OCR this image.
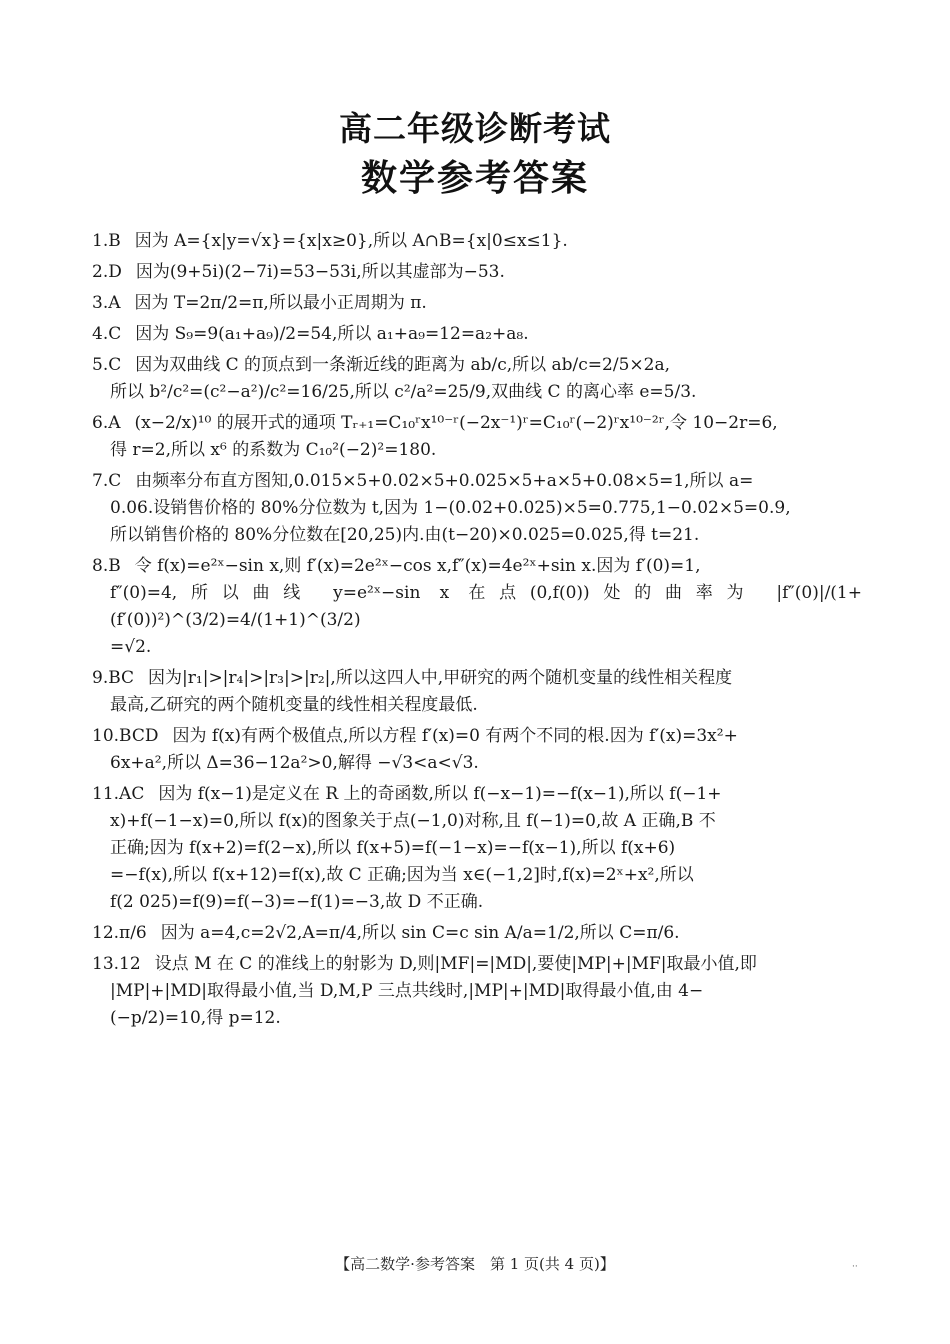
高二年级诊断考试
数学参考答案
1.B 因为 A={x|y=√x}={x|x≥0},所以 A∩B={x|0≤x≤1}.
2.D 因为(9+5i)(2−7i)=53−53i,所以其虚部为−53.
3.A 因为 T=2π/2=π,所以最小正周期为 π.
4.C 因为 S₉=9(a₁+a₉)/2=54,所以 a₁+a₉=12=a₂+a₈.
5.C 因为双曲线 C 的顶点到一条渐近线的距离为 ab/c,所以 ab/c=2/5×2a,
所以 b²/c²=(c²−a²)/c²=16/25,所以 c²/a²=25/9,双曲线 C 的离心率 e=5/3.
6.A (x−2/x)¹⁰ 的展开式的通项 Tᵣ₊₁=C₁₀ʳx¹⁰⁻ʳ(−2x⁻¹)ʳ=C₁₀ʳ(−2)ʳx¹⁰⁻²ʳ,令 10−2r=6,
得 r=2,所以 x⁶ 的系数为 C₁₀²(−2)²=180.
7.C 由频率分布直方图知,0.015×5+0.02×5+0.025×5+a×5+0.08×5=1,所以 a=
0.06.设销售价格的 80%分位数为 t,因为 1−(0.02+0.025)×5=0.775,1−0.02×5=0.9,
所以销售价格的 80%分位数在[20,25)内.由(t−20)×0.025=0.025,得 t=21.
8.B 令 f(x)=e²ˣ−sin x,则 f′(x)=2e²ˣ−cos x,f″(x)=4e²ˣ+sin x.因为 f′(0)=1,
f″(0)=4,所以曲线 y=e²ˣ−sin x 在点(0,f(0))处的曲率为 |f″(0)|/(1+(f′(0))²)^(3/2)=4/(1+1)^(3/2)
=√2.
9.BC 因为|r₁|>|r₄|>|r₃|>|r₂|,所以这四人中,甲研究的两个随机变量的线性相关程度
最高,乙研究的两个随机变量的线性相关程度最低.
10.BCD 因为 f(x)有两个极值点,所以方程 f′(x)=0 有两个不同的根.因为 f′(x)=3x²+
6x+a²,所以 Δ=36−12a²>0,解得 −√3<a<√3.
11.AC 因为 f(x−1)是定义在 R 上的奇函数,所以 f(−x−1)=−f(x−1),所以 f(−1+
x)+f(−1−x)=0,所以 f(x)的图象关于点(−1,0)对称,且 f(−1)=0,故 A 正确,B 不
正确;因为 f(x+2)=f(2−x),所以 f(x+5)=f(−1−x)=−f(x−1),所以 f(x+6)
=−f(x),所以 f(x+12)=f(x),故 C 正确;因为当 x∈(−1,2]时,f(x)=2ˣ+x²,所以
f(2 025)=f(9)=f(−3)=−f(1)=−3,故 D 不正确.
12.π/6 因为 a=4,c=2√2,A=π/4,所以 sin C=c sin A/a=1/2,所以 C=π/6.
13.12 设点 M 在 C 的准线上的射影为 D,则|MF|=|MD|,要使|MP|+|MF|取最小值,即
|MP|+|MD|取得最小值,当 D,M,P 三点共线时,|MP|+|MD|取得最小值,由 4−
(−p/2)=10,得 p=12.
【高二数学·参考答案　第 1 页(共 4 页)】	··
